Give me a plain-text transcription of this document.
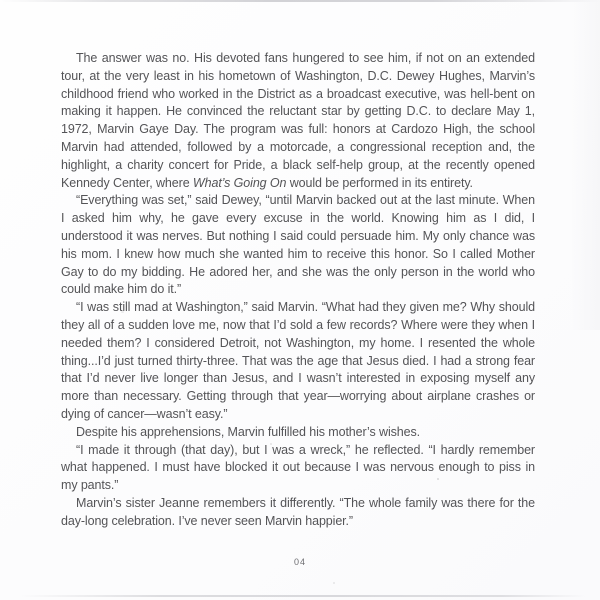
The answer was no. His devoted fans hungered to see him, if not on an extended tour, at the very least in his hometown of Washington, D.C. Dewey Hughes, Marvin’s childhood friend who worked in the District as a broadcast executive, was hell-bent on making it happen. He convinced the reluctant star by getting D.C. to declare May 1, 1972, Marvin Gaye Day. The program was full: honors at Cardozo High, the school Marvin had attended, followed by a motorcade, a congressional reception and, the highlight, a charity concert for Pride, a black self-help group, at the recently opened Kennedy Center, where What’s Going On would be performed in its entirety.

“Everything was set,” said Dewey, “until Marvin backed out at the last minute. When I asked him why, he gave every excuse in the world. Knowing him as I did, I understood it was nerves. But nothing I said could persuade him. My only chance was his mom. I knew how much she wanted him to receive this honor. So I called Mother Gay to do my bidding. He adored her, and she was the only person in the world who could make him do it.”

“I was still mad at Washington,” said Marvin. “What had they given me? Why should they all of a sudden love me, now that I’d sold a few records? Where were they when I needed them? I considered Detroit, not Washington, my home. I resented the whole thing...I’d just turned thirty-three. That was the age that Jesus died. I had a strong fear that I’d never live longer than Jesus, and I wasn’t interested in exposing myself any more than necessary. Getting through that year—worrying about airplane crashes or dying of cancer—wasn’t easy.”

Despite his apprehensions, Marvin fulfilled his mother’s wishes.

“I made it through (that day), but I was a wreck,” he reflected. “I hardly remember what happened. I must have blocked it out because I was nervous enough to piss in my pants.”

Marvin’s sister Jeanne remembers it differently. “The whole family was there for the day-long celebration. I’ve never seen Marvin happier.”

04
